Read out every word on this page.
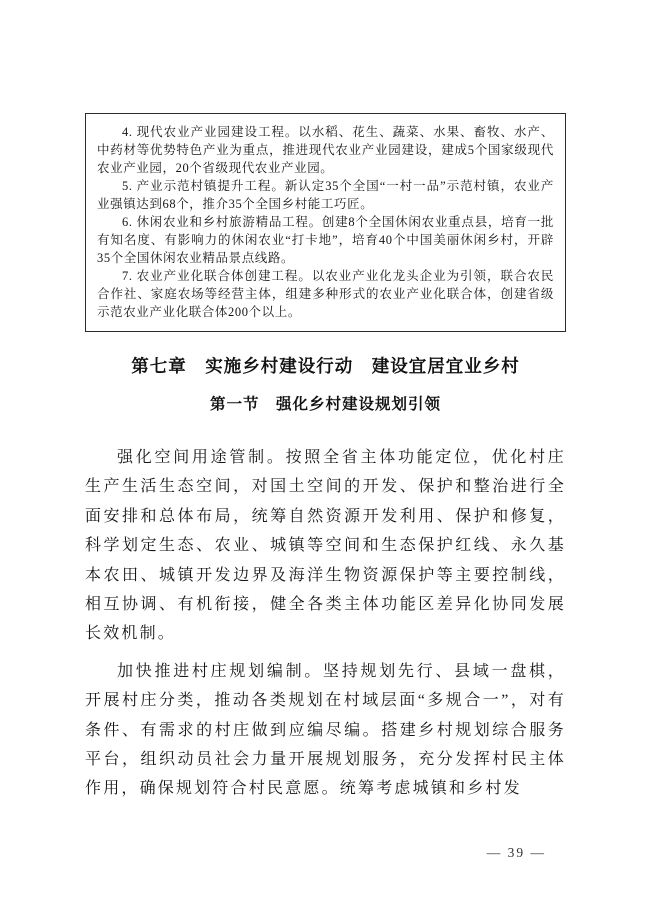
4. 现代农业产业园建设工程。以水稻、花生、蔬菜、水果、畜牧、水产、中药材等优势特色产业为重点，推进现代农业产业园建设，建成5个国家级现代农业产业园，20个省级现代农业产业园。

5. 产业示范村镇提升工程。新认定35个全国“一村一品”示范村镇，农业产业强镇达到68个，推介35个全国乡村能工巧匠。

6. 休闲农业和乡村旅游精品工程。创建8个全国休闲农业重点县，培育一批有知名度、有影响力的休闲农业“打卡地”，培育40个中国美丽休闲乡村，开辟35个全国休闲农业精品景点线路。

7. 农业产业化联合体创建工程。以农业产业化龙头企业为引领，联合农民合作社、家庭农场等经营主体，组建多种形式的农业产业化联合体，创建省级示范农业产业化联合体200个以上。

第七章　实施乡村建设行动　建设宜居宜业乡村
第一节　强化乡村建设规划引领

强化空间用途管制。按照全省主体功能定位，优化村庄生产生活生态空间，对国土空间的开发、保护和整治进行全面安排和总体布局，统筹自然资源开发利用、保护和修复，科学划定生态、农业、城镇等空间和生态保护红线、永久基本农田、城镇开发边界及海洋生物资源保护等主要控制线，相互协调、有机衔接，健全各类主体功能区差异化协同发展长效机制。

加快推进村庄规划编制。坚持规划先行、县域一盘棋，开展村庄分类，推动各类规划在村域层面“多规合一”，对有条件、有需求的村庄做到应编尽编。搭建乡村规划综合服务平台，组织动员社会力量开展规划服务，充分发挥村民主体作用，确保规划符合村民意愿。统筹考虑城镇和乡村发

— 39 —
